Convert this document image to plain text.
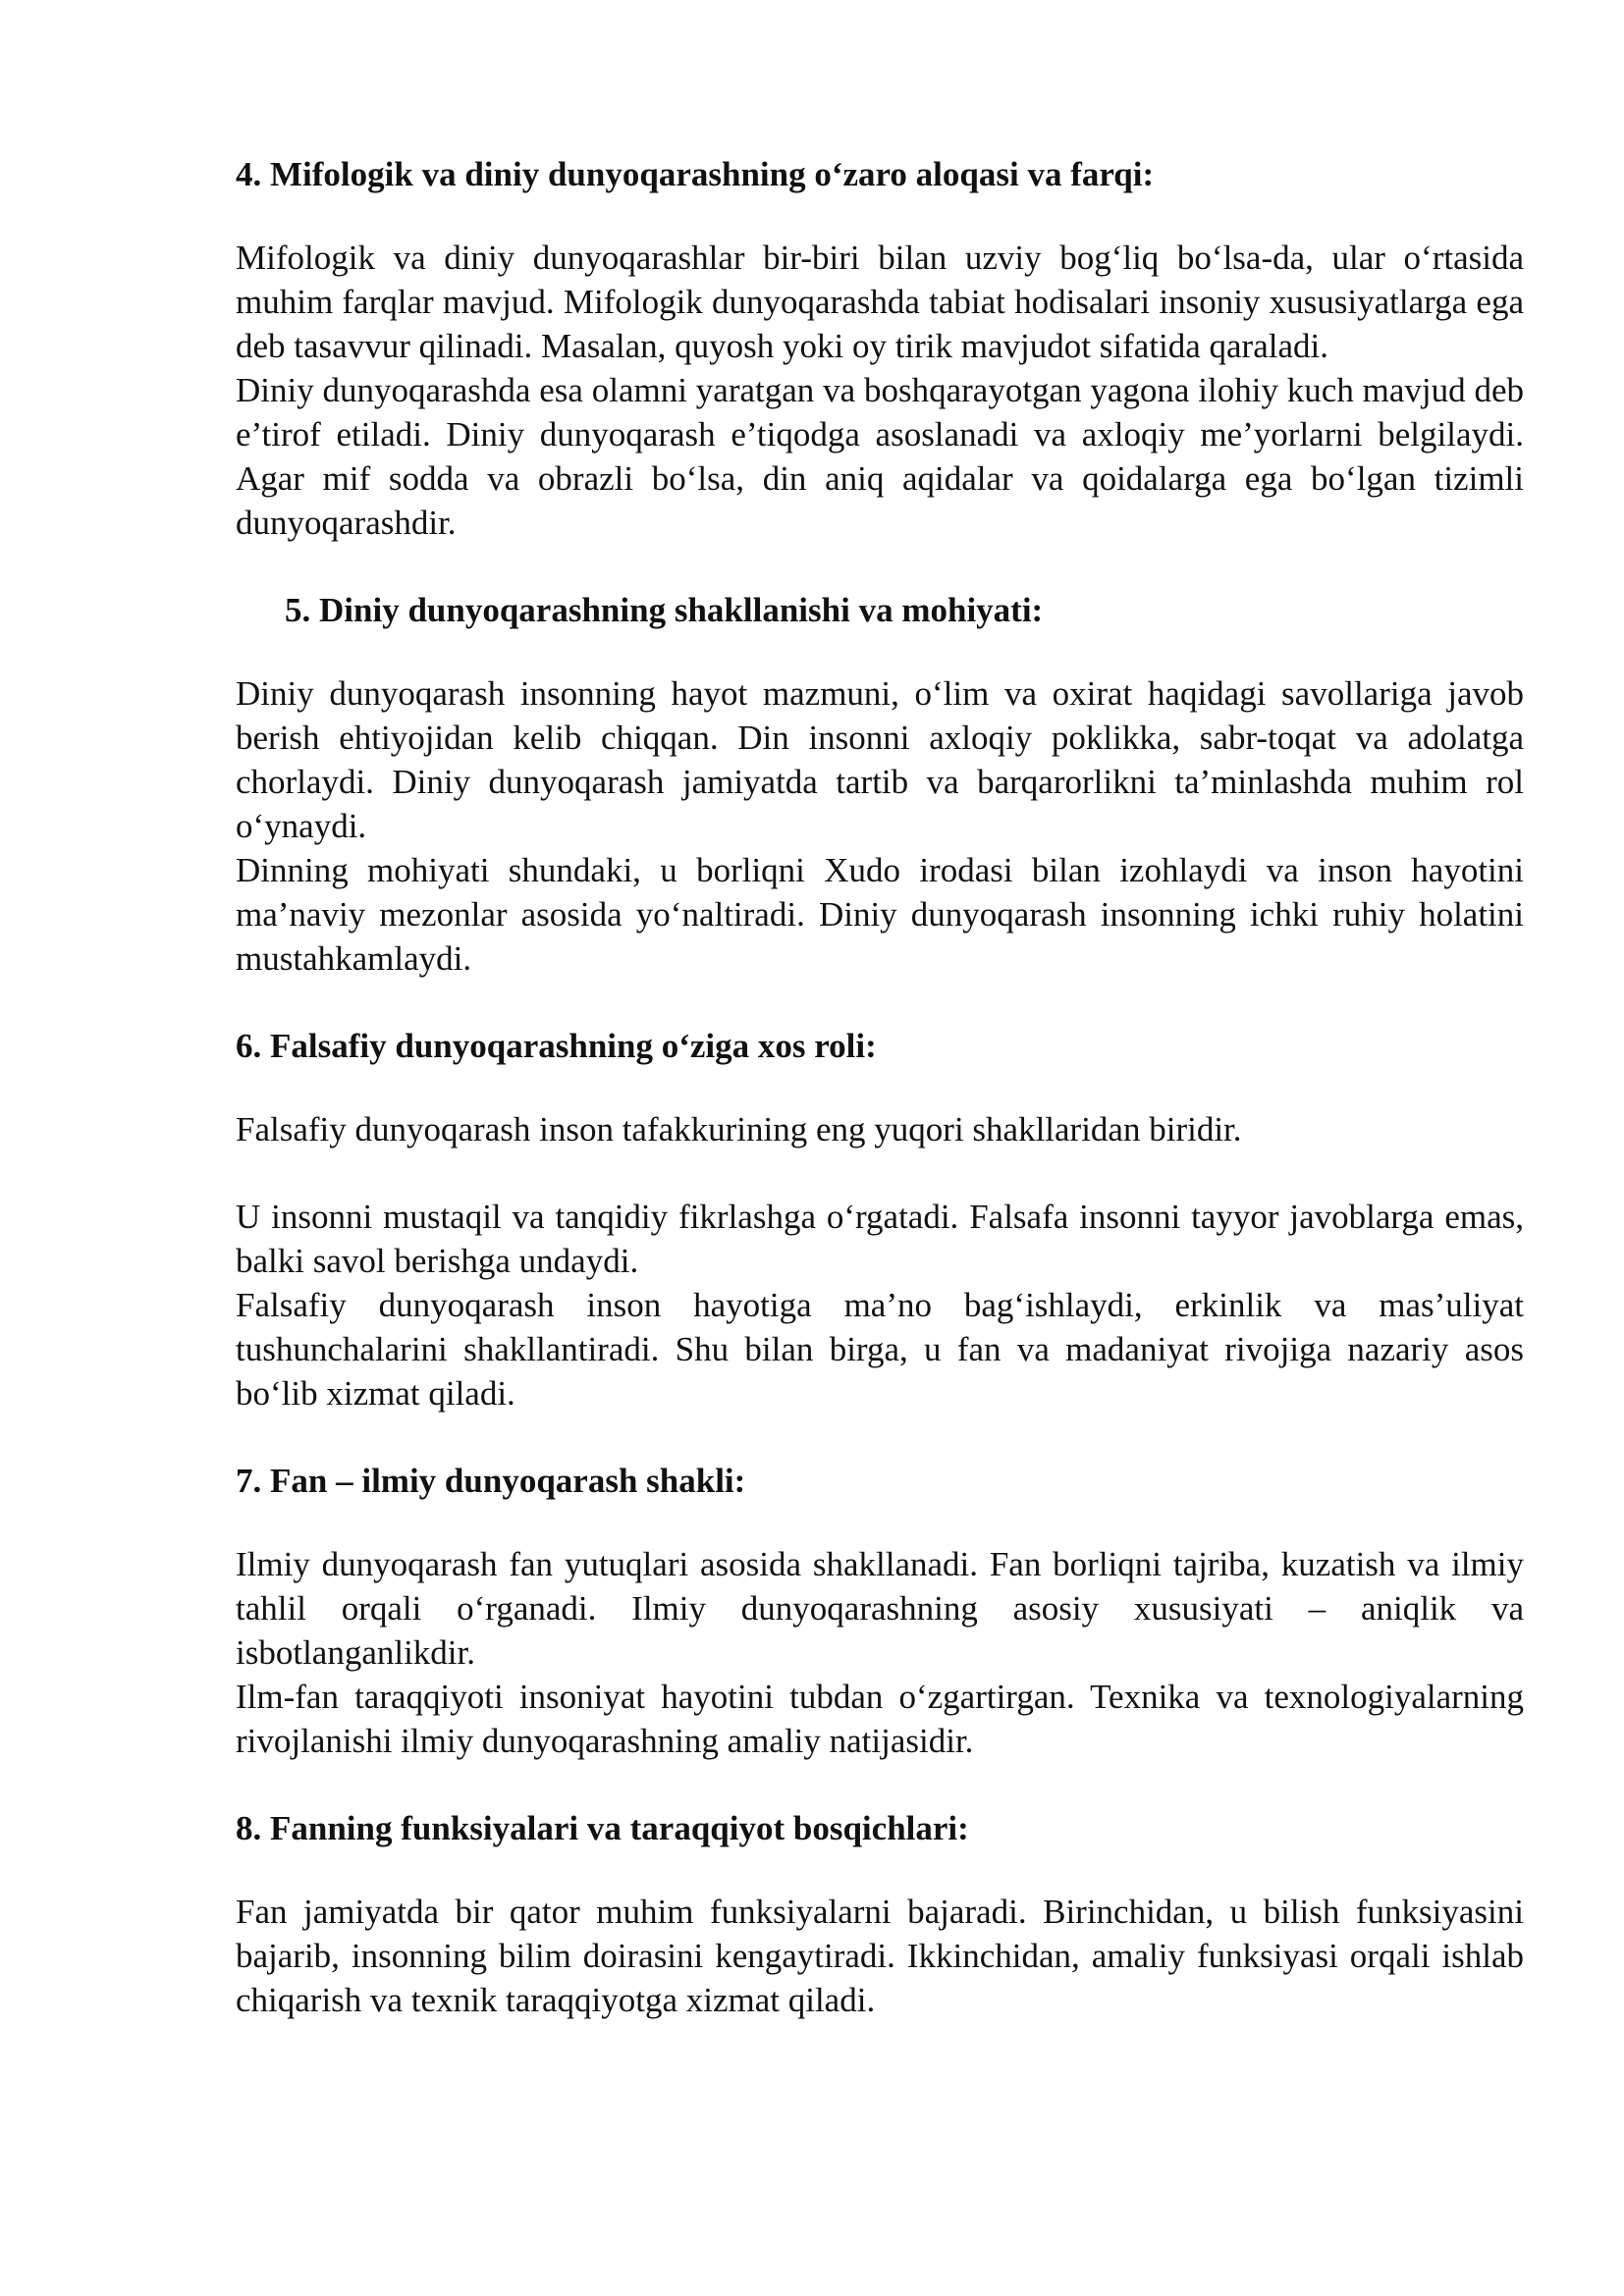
4. Mifologik va diniy dunyoqarashning o‘zaro aloqasi va farqi:

Mifologik va diniy dunyoqarashlar bir-biri bilan uzviy bog‘liq bo‘lsa-da, ular o‘rtasida muhim farqlar mavjud. Mifologik dunyoqarashda tabiat hodisalari insoniy xususiyatlarga ega deb tasavvur qilinadi. Masalan, quyosh yoki oy tirik mavjudot sifatida qaraladi.

Diniy dunyoqarashda esa olamni yaratgan va boshqarayotgan yagona ilohiy kuch mavjud deb e’tirof etiladi. Diniy dunyoqarash e’tiqodga asoslanadi va axloqiy me’yorlarni belgilaydi. Agar mif sodda va obrazli bo‘lsa, din aniq aqidalar va qoidalarga ega bo‘lgan tizimli dunyoqarashdir.

5. Diniy dunyoqarashning shakllanishi va mohiyati:

Diniy dunyoqarash insonning hayot mazmuni, o‘lim va oxirat haqidagi savollariga javob berish ehtiyojidan kelib chiqqan. Din insonni axloqiy poklikka, sabr-toqat va adolatga chorlaydi. Diniy dunyoqarash jamiyatda tartib va barqarorlikni ta’minlashda muhim rol o‘ynaydi.

Dinning mohiyati shundaki, u borliqni Xudo irodasi bilan izohlaydi va inson hayotini ma’naviy mezonlar asosida yo‘naltiradi. Diniy dunyoqarash insonning ichki ruhiy holatini mustahkamlaydi.

6. Falsafiy dunyoqarashning o‘ziga xos roli:

Falsafiy dunyoqarash inson tafakkurining eng yuqori shakllaridan biridir.

U insonni mustaqil va tanqidiy fikrlashga o‘rgatadi. Falsafa insonni tayyor javoblarga emas, balki savol berishga undaydi.

Falsafiy dunyoqarash inson hayotiga ma’no bag‘ishlaydi, erkinlik va mas’uliyat tushunchalarini shakllantiradi. Shu bilan birga, u fan va madaniyat rivojiga nazariy asos bo‘lib xizmat qiladi.

7. Fan – ilmiy dunyoqarash shakli:

Ilmiy dunyoqarash fan yutuqlari asosida shakllanadi. Fan borliqni tajriba, kuzatish va ilmiy tahlil orqali o‘rganadi. Ilmiy dunyoqarashning asosiy xususiyati – aniqlik va isbotlanganlikdir.

Ilm-fan taraqqiyoti insoniyat hayotini tubdan o‘zgartirgan. Texnika va texnologiyalarning rivojlanishi ilmiy dunyoqarashning amaliy natijasidir.

8. Fanning funksiyalari va taraqqiyot bosqichlari:

Fan jamiyatda bir qator muhim funksiyalarni bajaradi. Birinchidan, u bilish funksiyasini bajarib, insonning bilim doirasini kengaytiradi. Ikkinchidan, amaliy funksiyasi orqali ishlab chiqarish va texnik taraqqiyotga xizmat qiladi.
